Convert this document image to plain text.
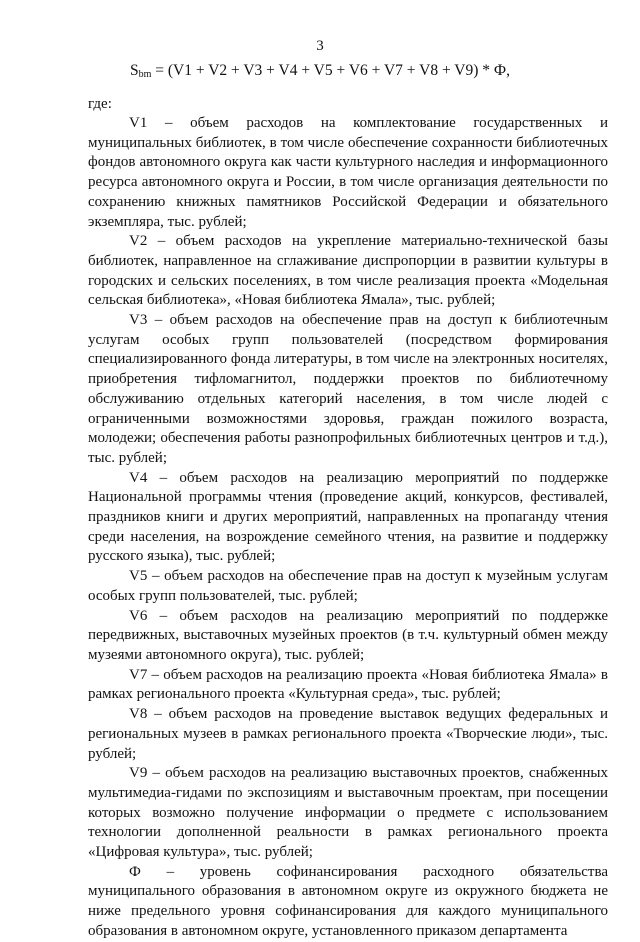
3
$S_{bm} = (V1 + V2 + V3 + V4 + V5 + V6 + V7 + V8 + V9) * Ф$,
где:

V1 – объем расходов на комплектование государственных и муниципальных библиотек, в том числе обеспечение сохранности библиотечных фондов автономного округа как части культурного наследия и информационного ресурса автономного округа и России, в том числе организация деятельности по сохранению книжных памятников Российской Федерации и обязательного экземпляра, тыс. рублей;

V2 – объем расходов на укрепление материально-технической базы библиотек, направленное на сглаживание диспропорции в развитии культуры в городских и сельских поселениях, в том числе реализация проекта «Модельная сельская библиотека», «Новая библиотека Ямала», тыс. рублей;

V3 – объем расходов на обеспечение прав на доступ к библиотечным услугам особых групп пользователей (посредством формирования специализированного фонда литературы, в том числе на электронных носителях, приобретения тифломагнитол, поддержки проектов по библиотечному обслуживанию отдельных категорий населения, в том числе людей с ограниченными возможностями здоровья, граждан пожилого возраста, молодежи; обеспечения работы разнопрофильных библиотечных центров и т.д.), тыс. рублей;

V4 – объем расходов на реализацию мероприятий по поддержке Национальной программы чтения (проведение акций, конкурсов, фестивалей, праздников книги и других мероприятий, направленных на пропаганду чтения среди населения, на возрождение семейного чтения, на развитие и поддержку русского языка), тыс. рублей;

V5 – объем расходов на обеспечение прав на доступ к музейным услугам особых групп пользователей, тыс. рублей;

V6 – объем расходов на реализацию мероприятий по поддержке передвижных, выставочных музейных проектов (в т.ч. культурный обмен между музеями автономного округа), тыс. рублей;

V7 – объем расходов на реализацию проекта «Новая библиотека Ямала» в рамках регионального проекта «Культурная среда», тыс. рублей;

V8 – объем расходов на проведение выставок ведущих федеральных и региональных музеев в рамках регионального проекта «Творческие люди», тыс. рублей;

V9 – объем расходов на реализацию выставочных проектов, снабженных мультимедиа-гидами по экспозициям и выставочным проектам, при посещении которых возможно получение информации о предмете с использованием технологии дополненной реальности в рамках регионального проекта «Цифровая культура», тыс. рублей;

Ф – уровень софинансирования расходного обязательства муниципального образования в автономном округе из окружного бюджета не ниже предельного уровня софинансирования для каждого муниципального образования в автономном округе, установленного приказом департамента
